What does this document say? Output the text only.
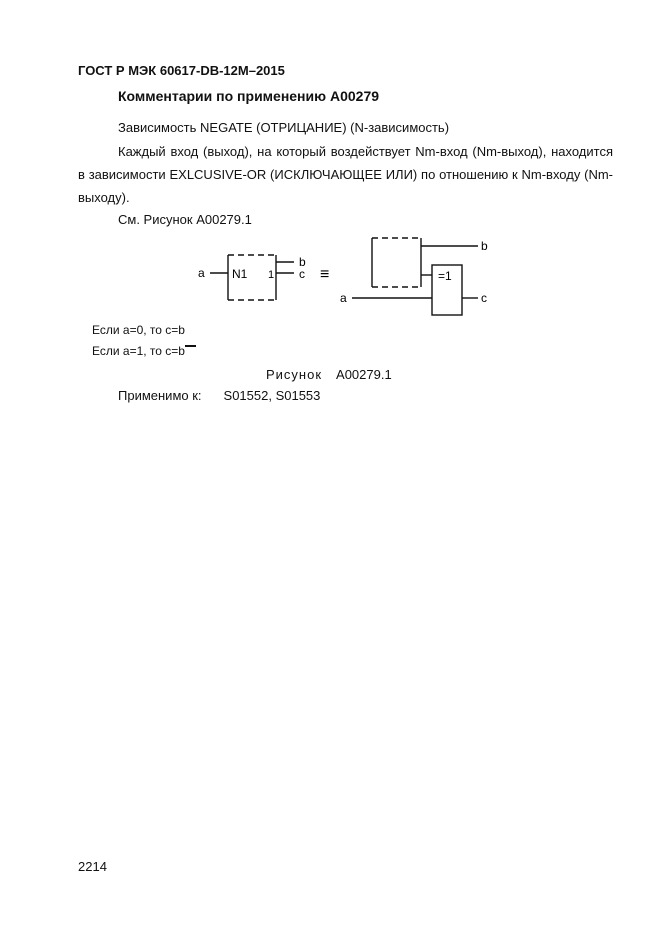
ГОСТ Р МЭК 60617-DB-12M–2015
Комментарии по применению A00279
Зависимость NEGATE (ОТРИЦАНИЕ) (N-зависимость)
Каждый вход (выход), на который воздействует Nm-вход (Nm-выход), находится в зависимости EXLCUSIVE-OR (ИСКЛЮЧАЮЩЕЕ ИЛИ) по отношению к Nm-входу (Nm-выходу).
См. Рисунок A00279.1
a N1 1
b
c ≡
a
=1
b
c
Если a=0, то c=b
Если a=1, то c=b
Рисунок A00279.1
Применимо к: S01552, S01553
2214
